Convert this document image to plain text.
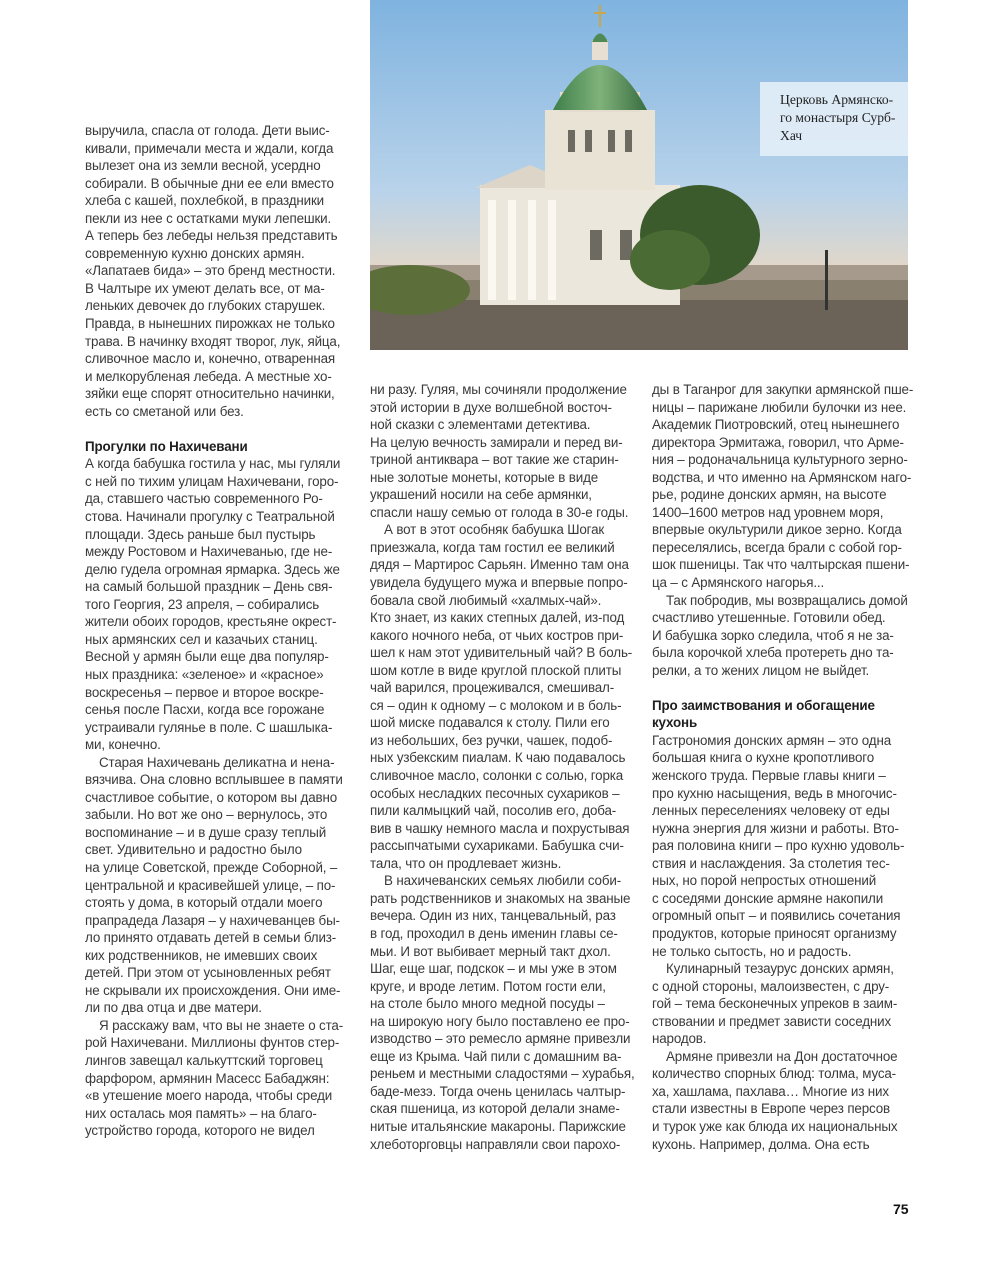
Церковь Армянско-
го монастыря Сурб-
Хач
выручила, спасла от голода. Дети выис-
кивали, примечали места и ждали, когда
вылезет она из земли весной, усердно
собирали. В обычные дни ее ели вместо
хлеба с кашей, похлебкой, в праздники
пекли из нее с остатками муки лепешки.
А теперь без лебеды нельзя представить
современную кухню донских армян.
«Лапатаев бида» – это бренд местности.
В Чалтыре их умеют делать все, от ма-
леньких девочек до глубоких старушек.
Правда, в нынешних пирожках не только
трава. В начинку входят творог, лук, яйца,
сливочное масло и, конечно, отваренная
и мелкорубленая лебеда. А местные хо-
зяйки еще спорят относительно начинки,
есть со сметаной или без.
Прогулки по Нахичевани
А когда бабушка гостила у нас, мы гуляли
с ней по тихим улицам Нахичевани, горо-
да, ставшего частью современного Ро-
стова. Начинали прогулку с Театральной
площади. Здесь раньше был пустырь
между Ростовом и Нахичеванью, где не-
делю гудела огромная ярмарка. Здесь же
на самый большой праздник – День свя-
того Георгия, 23 апреля, – собирались
жители обоих городов, крестьяне окрест-
ных армянских сел и казачьих станиц.
Весной у армян были еще два популяр-
ных праздника: «зеленое» и «красное»
воскресенья – первое и второе воскре-
сенья после Пасхи, когда все горожане
устраивали гулянье в поле. С шашлыка-
ми, конечно.
Старая Нахичевань деликатна и нена-
вязчива. Она словно всплывшее в памяти
счастливое событие, о котором вы давно
забыли. Но вот же оно – вернулось, это
воспоминание – и в душе сразу теплый
свет. Удивительно и радостно было
на улице Советской, прежде Соборной, –
центральной и красивейшей улице, – по-
стоять у дома, в который отдали моего
прапрадеда Лазаря – у нахичеванцев бы-
ло принято отдавать детей в семьи близ-
ких родственников, не имевших своих
детей. При этом от усыновленных ребят
не скрывали их происхождения. Они име-
ли по два отца и две матери.
Я расскажу вам, что вы не знаете о ста-
рой Нахичевани. Миллионы фунтов стер-
лингов завещал калькуттский торговец
фарфором, армянин Масесс Бабаджян:
«в утешение моего народа, чтобы среди
них осталась моя память» – на благо-
устройство города, которого не видел
ни разу. Гуляя, мы сочиняли продолжение
этой истории в духе волшебной восточ-
ной сказки с элементами детектива.
На целую вечность замирали и перед ви-
триной антиквара – вот такие же старин-
ные золотые монеты, которые в виде
украшений носили на себе армянки,
спасли нашу семью от голода в 30-е годы.
А вот в этот особняк бабушка Шогак
приезжала, когда там гостил ее великий
дядя – Мартирос Сарьян. Именно там она
увидела будущего мужа и впервые попро-
бовала свой любимый «халмых-чай».
Кто знает, из каких степных далей, из-под
какого ночного неба, от чьих костров при-
шел к нам этот удивительный чай? В боль-
шом котле в виде круглой плоской плиты
чай варился, процеживался, смешивал-
ся – один к одному – с молоком и в боль-
шой миске подавался к столу. Пили его
из небольших, без ручки, чашек, подоб-
ных узбекским пиалам. К чаю подавалось
сливочное масло, солонки с солью, горка
особых несладких песочных сухариков –
пили калмыцкий чай, посолив его, доба-
вив в чашку немного масла и похрустывая
рассыпчатыми сухариками. Бабушка счи-
тала, что он продлевает жизнь.
В нахичеванских семьях любили соби-
рать родственников и знакомых на званые
вечера. Один из них, танцевальный, раз
в год, проходил в день именин главы се-
мьи. И вот выбивает мерный такт дхол.
Шаг, еще шаг, подскок – и мы уже в этом
круге, и вроде летим. Потом гости ели,
на столе было много медной посуды –
на широкую ногу было поставлено ее про-
изводство – это ремесло армяне привезли
еще из Крыма. Чай пили с домашним ва-
реньем и местными сладостями – хурабья,
баде-мезэ. Тогда очень ценилась чалтыр-
ская пшеница, из которой делали знаме-
нитые итальянские макароны. Парижские
хлеботорговцы направляли свои парохо-
ды в Таганрог для закупки армянской пше-
ницы – парижане любили булочки из нее.
Академик Пиотровский, отец нынешнего
директора Эрмитажа, говорил, что Арме-
ния – родоначальница культурного зерно-
водства, и что именно на Армянском наго-
рье, родине донских армян, на высоте
1400–1600 метров над уровнем моря,
впервые окультурили дикое зерно. Когда
переселялись, всегда брали с собой гор-
шок пшеницы. Так что чалтырская пшени-
ца – с Армянского нагорья...
Так побродив, мы возвращались домой
счастливо утешенные. Готовили обед.
И бабушка зорко следила, чтоб я не за-
была корочкой хлеба протереть дно та-
релки, а то жених лицом не выйдет.
Про заимствования и обогащение
кухонь
Гастрономия донских армян – это одна
большая книга о кухне кропотливого
женского труда. Первые главы книги –
про кухню насыщения, ведь в многочис-
ленных переселениях человеку от еды
нужна энергия для жизни и работы. Вто-
рая половина книги – про кухню удоволь-
ствия и наслаждения. За столетия тес-
ных, но порой непростых отношений
с соседями донские армяне накопили
огромный опыт – и появились сочетания
продуктов, которые приносят организму
не только сытость, но и радость.
Кулинарный тезаурус донских армян,
с одной стороны, малоизвестен, с дру-
гой – тема бесконечных упреков в заим-
ствовании и предмет зависти соседних
народов.
Армяне привезли на Дон достаточное
количество спорных блюд: толма, муса-
ха, хашлама, пахлава… Многие из них
стали известны в Европе через персов
и турок уже как блюда их национальных
кухонь. Например, долма. Она есть
75
